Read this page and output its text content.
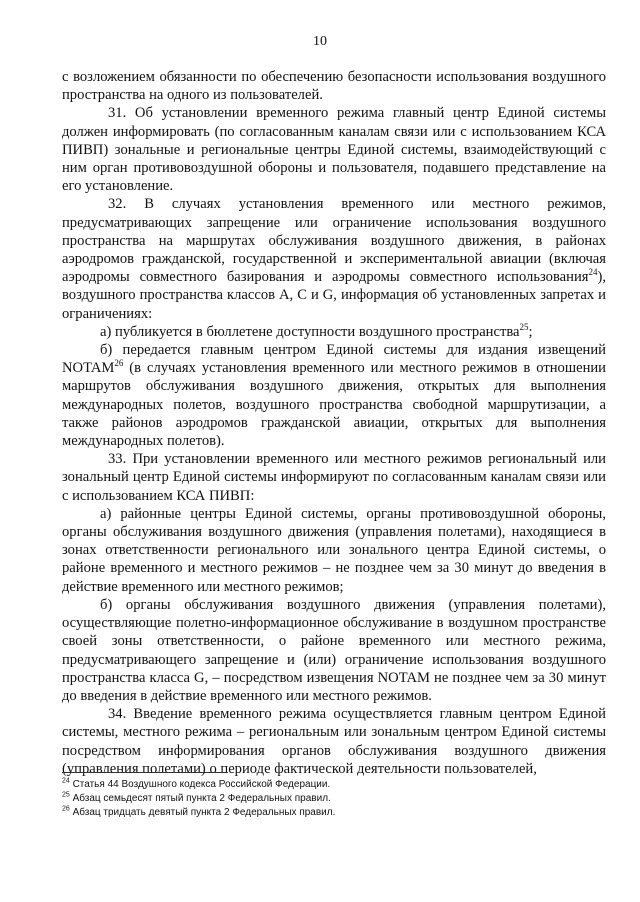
10

с возложением обязанности по обеспечению безопасности использования воздушного пространства на одного из пользователей.

31. Об установлении временного режима главный центр Единой системы должен информировать (по согласованным каналам связи или с использованием КСА ПИВП) зональные и региональные центры Единой системы, взаимодействующий с ним орган противовоздушной обороны и пользователя, подавшего представление на его установление.

32. В случаях установления временного или местного режимов, предусматривающих запрещение или ограничение использования воздушного пространства на маршрутах обслуживания воздушного движения, в районах аэродромов гражданской, государственной и экспериментальной авиации (включая аэродромы совместного базирования и аэродромы совместного использования$^{24}$), воздушного пространства классов А, С и G, информация об установленных запретах и ограничениях:

а) публикуется в бюллетене доступности воздушного пространства$^{25}$;

б) передается главным центром Единой системы для издания извещений NOTAM$^{26}$ (в случаях установления временного или местного режимов в отношении маршрутов обслуживания воздушного движения, открытых для выполнения международных полетов, воздушного пространства свободной маршрутизации, а также районов аэродромов гражданской авиации, открытых для выполнения международных полетов).

33. При установлении временного или местного режимов региональный или зональный центр Единой системы информируют по согласованным каналам связи или с использованием КСА ПИВП:

а) районные центры Единой системы, органы противовоздушной обороны, органы обслуживания воздушного движения (управления полетами), находящиеся в зонах ответственности регионального или зонального центра Единой системы, о районе временного и местного режимов – не позднее чем за 30 минут до введения в действие временного или местного режимов;

б) органы обслуживания воздушного движения (управления полетами), осуществляющие полетно-информационное обслуживание в воздушном пространстве своей зоны ответственности, о районе временного или местного режима, предусматривающего запрещение и (или) ограничение использования воздушного пространства класса G, – посредством извещения NOTAM не позднее чем за 30 минут до введения в действие временного или местного режимов.

34. Введение временного режима осуществляется главным центром Единой системы, местного режима – региональным или зональным центром Единой системы посредством информирования органов обслуживания воздушного движения (управления полетами) о периоде фактической деятельности пользователей,

$^{24}$ Статья 44 Воздушного кодекса Российской Федерации.

$^{25}$ Абзац семьдесят пятый пункта 2 Федеральных правил.

$^{26}$ Абзац тридцать девятый пункта 2 Федеральных правил.
